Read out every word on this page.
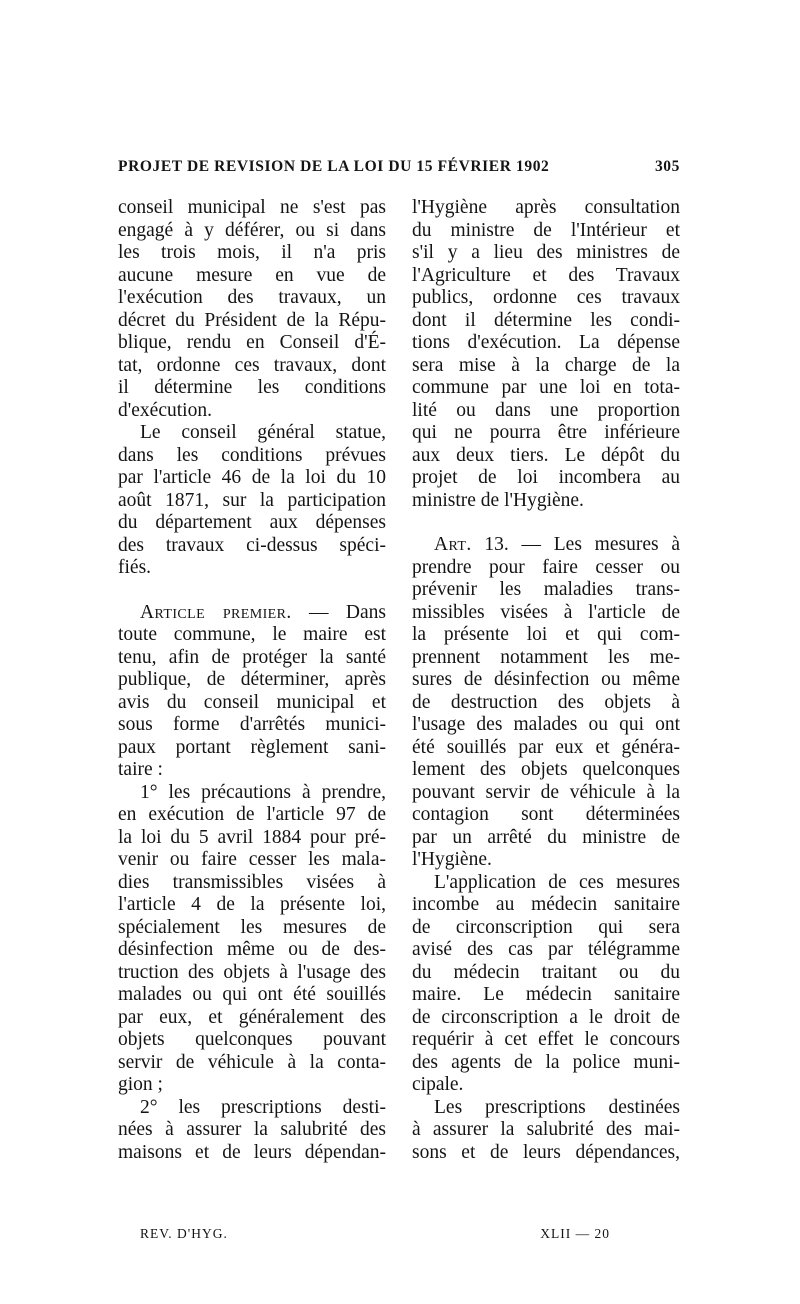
PROJET DE REVISION DE LA LOI DU 15 FÉVRIER 1902	305
conseil municipal ne s'est pas
engagé à y déférer, ou si dans
les trois mois, il n'a pris
aucune mesure en vue de
l'exécution des travaux, un
décret du Président de la Répu-
blique, rendu en Conseil d'É-
tat, ordonne ces travaux, dont
il détermine les conditions
d'exécution.
Le conseil général statue,
dans les conditions prévues
par l'article 46 de la loi du 10
août 1871, sur la participation
du département aux dépenses
des travaux ci-dessus spéci-
fiés.
Article premier. — Dans
toute commune, le maire est
tenu, afin de protéger la santé
publique, de déterminer, après
avis du conseil municipal et
sous forme d'arrêtés munici-
paux portant règlement sani-
taire :
1° les précautions à prendre,
en exécution de l'article 97 de
la loi du 5 avril 1884 pour pré-
venir ou faire cesser les mala-
dies transmissibles visées à
l'article 4 de la présente loi,
spécialement les mesures de
désinfection même ou de des-
truction des objets à l'usage des
malades ou qui ont été souillés
par eux, et généralement des
objets quelconques pouvant
servir de véhicule à la conta-
gion ;
2° les prescriptions desti-
nées à assurer la salubrité des
maisons et de leurs dépendan-
l'Hygiène après consultation
du ministre de l'Intérieur et
s'il y a lieu des ministres de
l'Agriculture et des Travaux
publics, ordonne ces travaux
dont il détermine les condi-
tions d'exécution. La dépense
sera mise à la charge de la
commune par une loi en tota-
lité ou dans une proportion
qui ne pourra être inférieure
aux deux tiers. Le dépôt du
projet de loi incombera au
ministre de l'Hygiène.
Art. 13. — Les mesures à
prendre pour faire cesser ou
prévenir les maladies trans-
missibles visées à l'article de
la présente loi et qui com-
prennent notamment les me-
sures de désinfection ou même
de destruction des objets à
l'usage des malades ou qui ont
été souillés par eux et généra-
lement des objets quelconques
pouvant servir de véhicule à la
contagion sont déterminées
par un arrêté du ministre de
l'Hygiène.
L'application de ces mesures
incombe au médecin sanitaire
de circonscription qui sera
avisé des cas par télégramme
du médecin traitant ou du
maire. Le médecin sanitaire
de circonscription a le droit de
requérir à cet effet le concours
des agents de la police muni-
cipale.
Les prescriptions destinées
à assurer la salubrité des mai-
sons et de leurs dépendances,
REV. D'HYG.	XLII — 20
